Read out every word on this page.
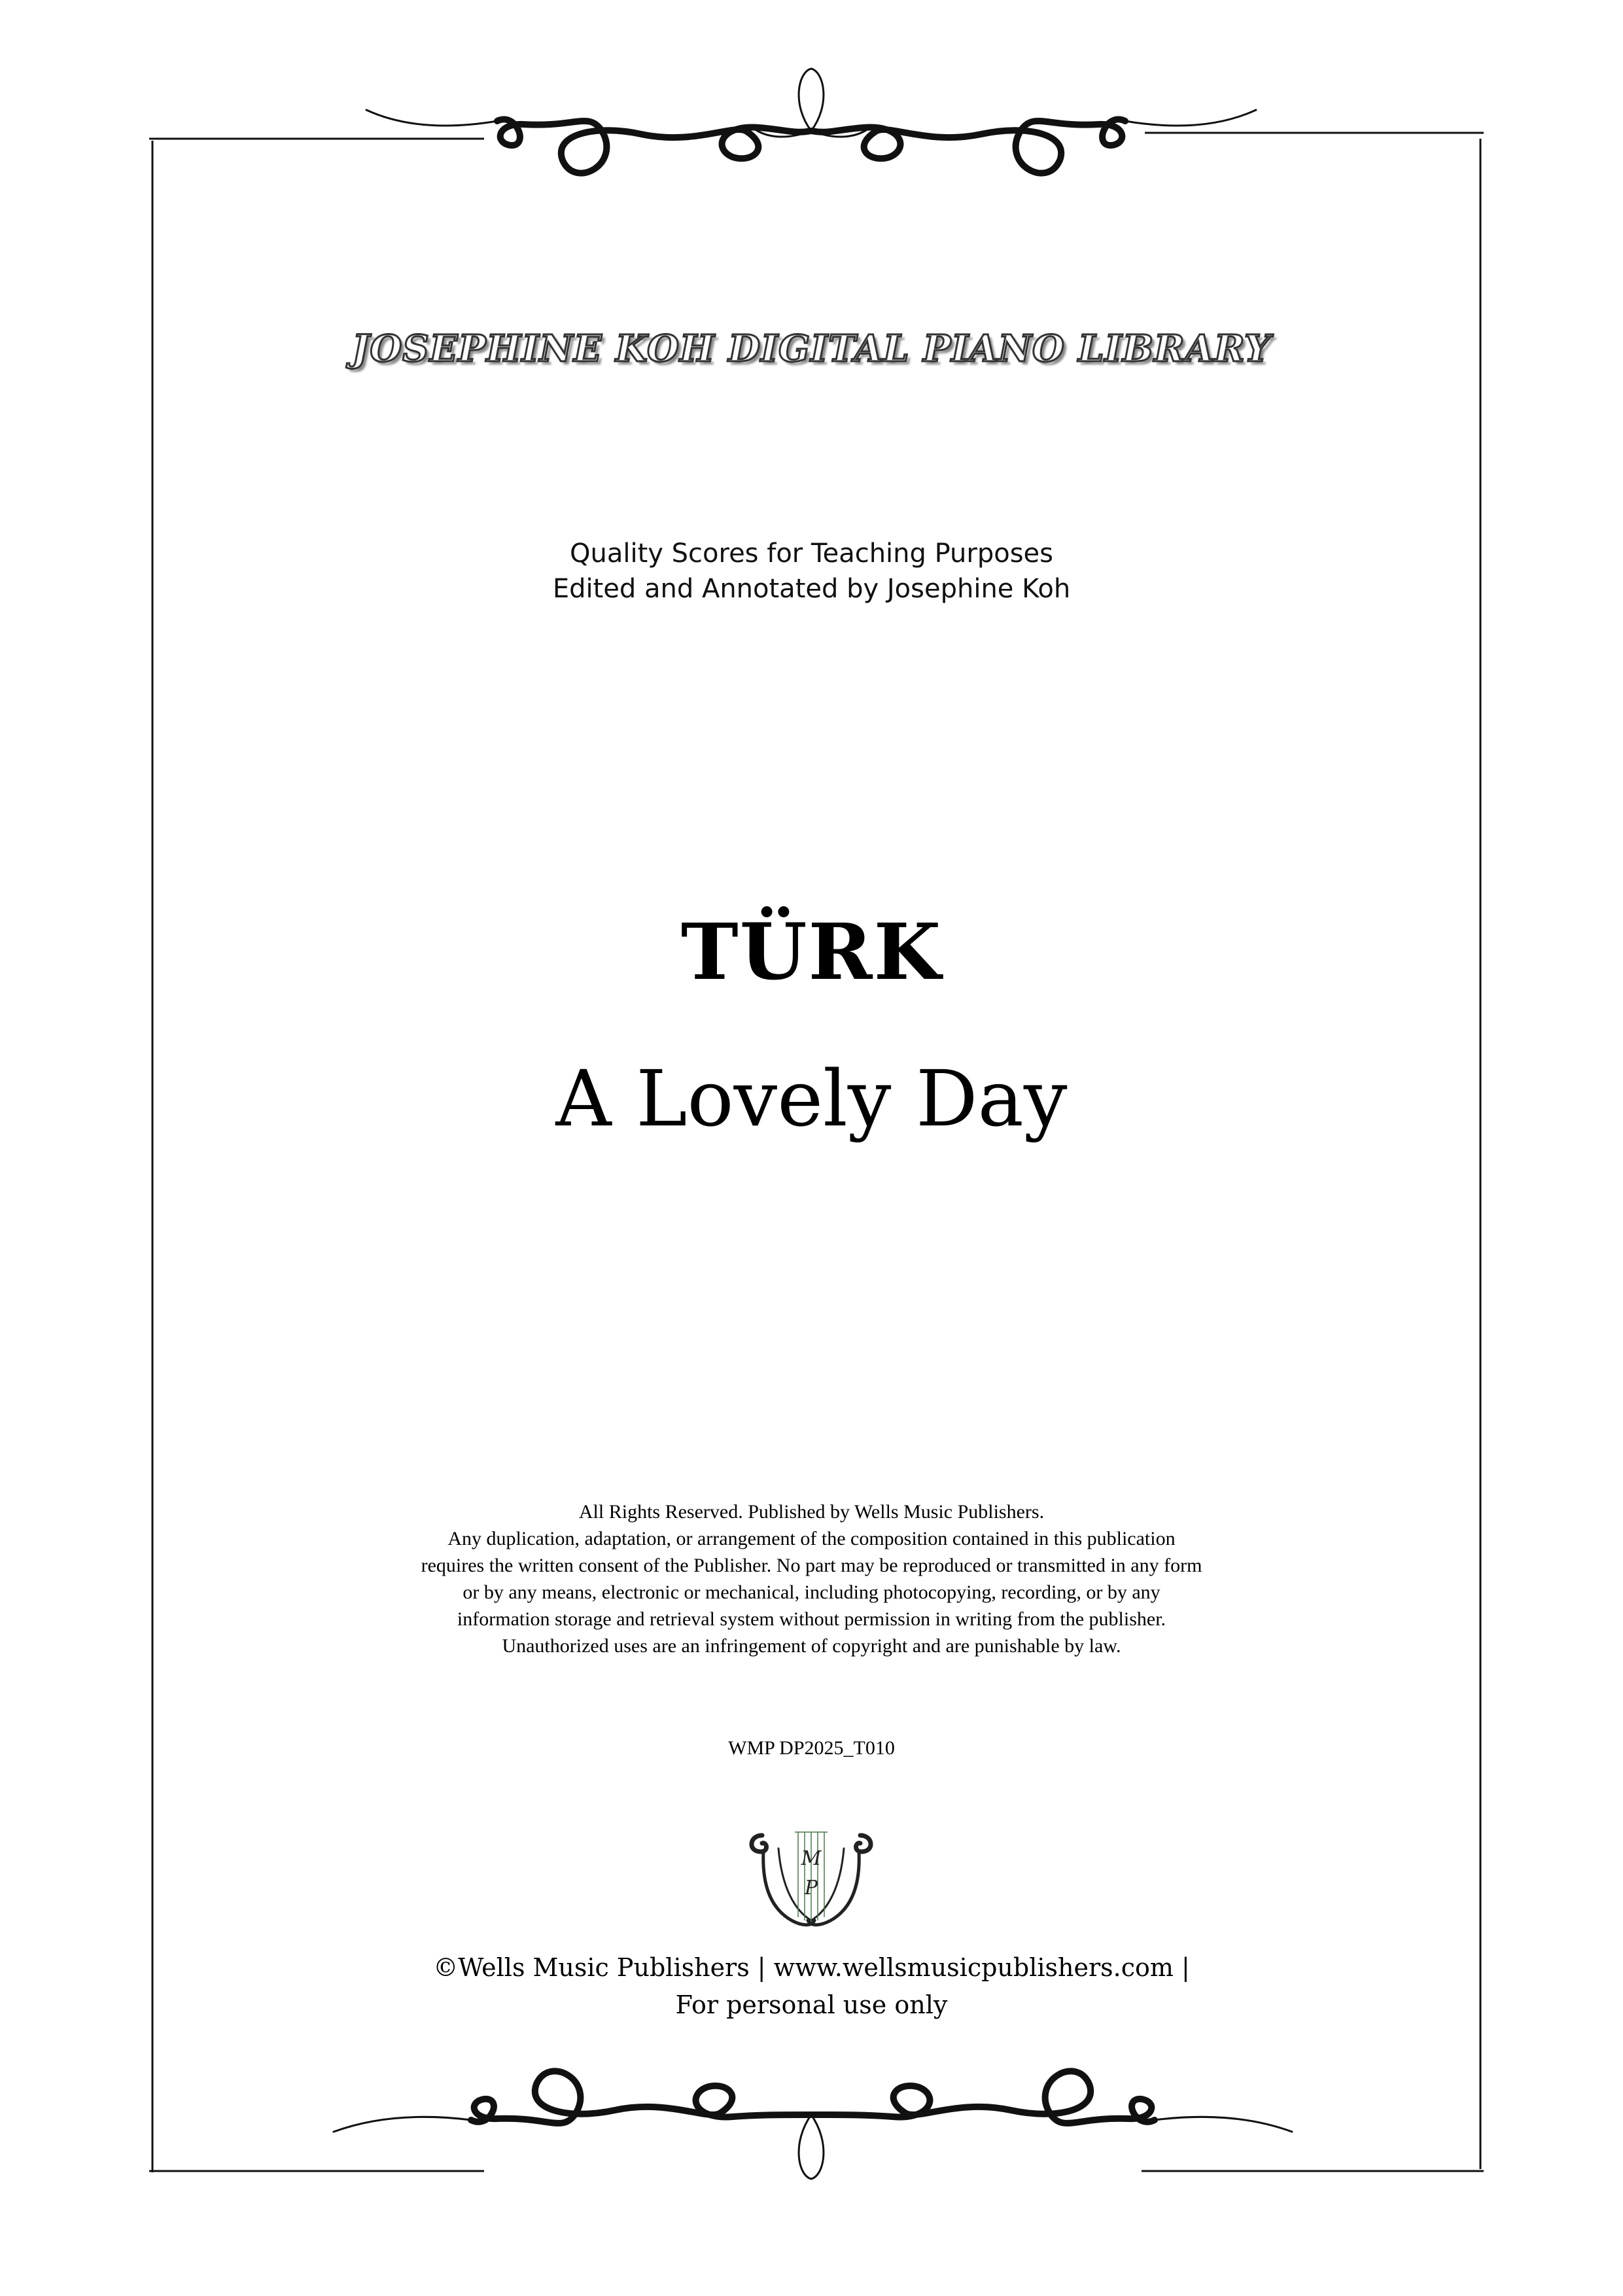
JOSEPHINE KOH DIGITAL PIANO LIBRARY
Quality Scores for Teaching Purposes
Edited and Annotated by Josephine Koh
TÜRK
A Lovely Day
All Rights Reserved. Published by Wells Music Publishers.
Any duplication, adaptation, or arrangement of the composition contained in this publication
requires the written consent of the Publisher. No part may be reproduced or transmitted in any form
or by any means, electronic or mechanical, including photocopying, recording, or by any
information storage and retrieval system without permission in writing from the publisher.
Unauthorized uses are an infringement of copyright and are punishable by law.
WMP DP2025_T010
M
P
©Wells Music Publishers | www.wellsmusicpublishers.com |
For personal use only
